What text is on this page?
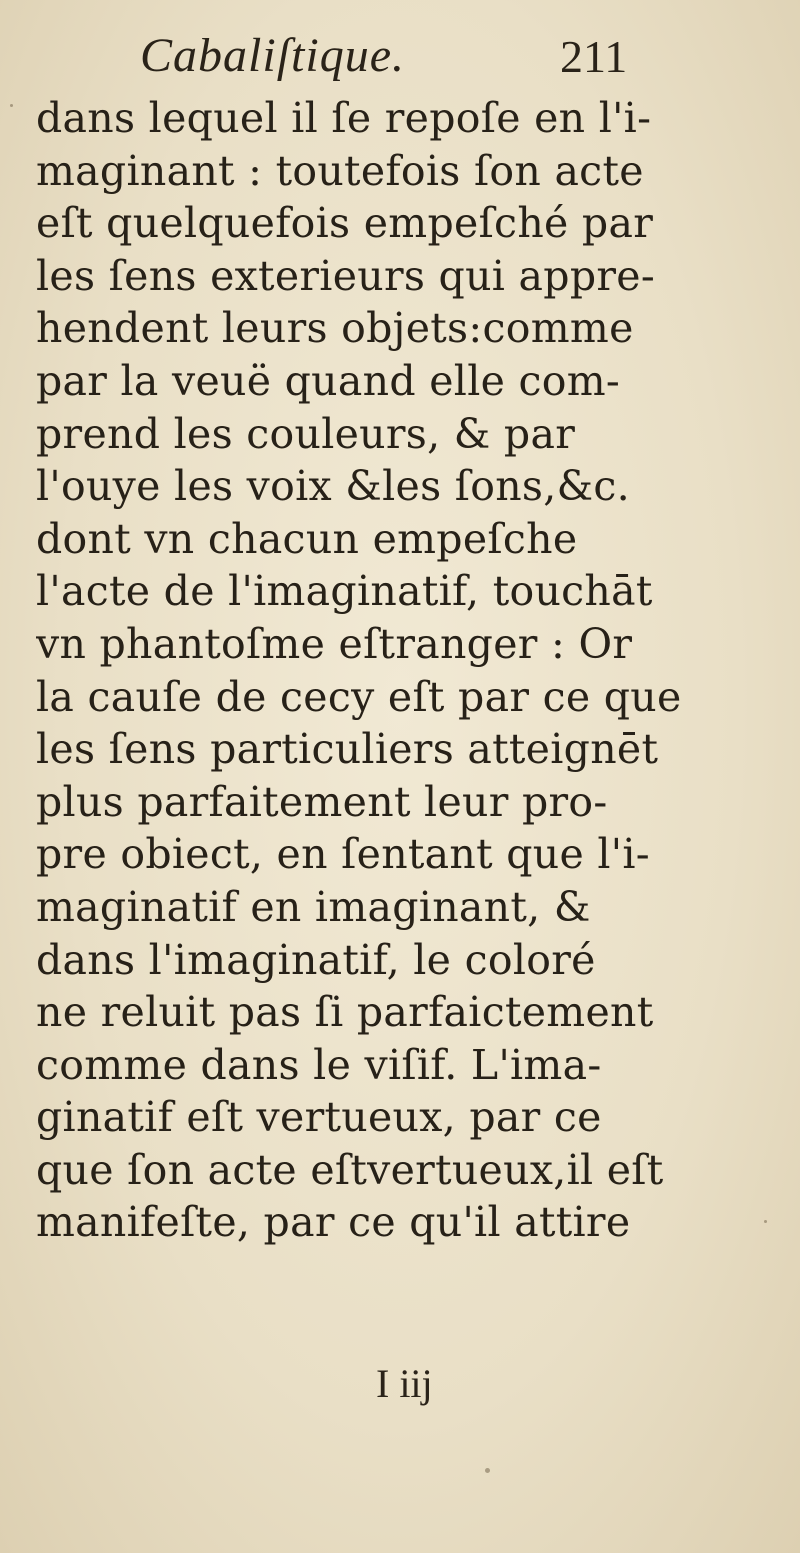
Cabaliſtique.	211
dans lequel il ſe repoſe en l'i-
maginant : toutefois ſon acte
eſt quelquefois empeſché par
les ſens exterieurs qui appre-
hendent leurs objets:comme
par la veuë quand elle com-
prend les couleurs, & par
l'ouye les voix &les ſons,&c.
dont vn chacun empeſche
l'acte de l'imaginatif, touchāt
vn phantoſme eſtranger : Or
la cauſe de cecy eſt par ce que
les ſens particuliers atteignēt
plus parfaitement leur pro-
pre obiect, en ſentant que l'i-
maginatif en imaginant, &
dans l'imaginatif, le coloré
ne reluit pas ſi parfaictement
comme dans le viſif. L'ima-
ginatif eſt vertueux, par ce
que ſon acte eſtvertueux,il eſt
manifeſte, par ce qu'il attire
I iij
